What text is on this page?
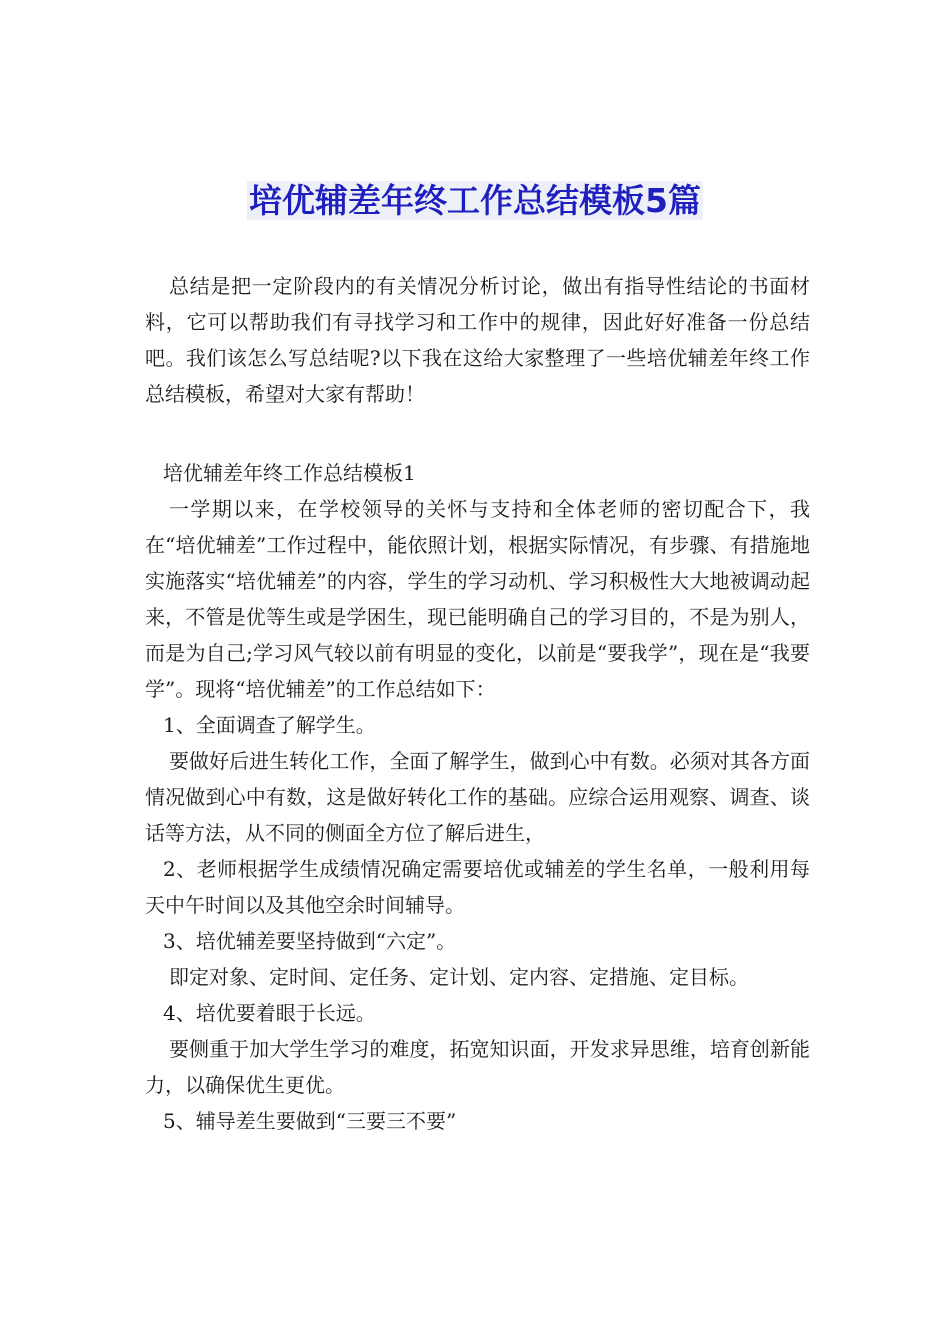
培优辅差年终工作总结模板5篇

总结是把一定阶段内的有关情况分析讨论，做出有指导性结论的书面材料，它可以帮助我们有寻找学习和工作中的规律，因此好好准备一份总结吧。我们该怎么写总结呢?以下我在这给大家整理了一些培优辅差年终工作总结模板，希望对大家有帮助！

培优辅差年终工作总结模板1

一学期以来，在学校领导的关怀与支持和全体老师的密切配合下，我在“培优辅差”工作过程中，能依照计划，根据实际情况，有步骤、有措施地实施落实“培优辅差”的内容，学生的学习动机、学习积极性大大地被调动起来，不管是优等生或是学困生，现已能明确自己的学习目的，不是为别人，而是为自己;学习风气较以前有明显的变化，以前是“要我学”，现在是“我要学”。现将“培优辅差”的工作总结如下：

1、全面调查了解学生。

要做好后进生转化工作，全面了解学生，做到心中有数。必须对其各方面情况做到心中有数，这是做好转化工作的基础。应综合运用观察、调查、谈话等方法，从不同的侧面全方位了解后进生，

2、老师根据学生成绩情况确定需要培优或辅差的学生名单，一般利用每天中午时间以及其他空余时间辅导。

3、培优辅差要坚持做到“六定”。

即定对象、定时间、定任务、定计划、定内容、定措施、定目标。

4、培优要着眼于长远。

要侧重于加大学生学习的难度，拓宽知识面，开发求异思维，培育创新能力，以确保优生更优。

5、辅导差生要做到“三要三不要”
